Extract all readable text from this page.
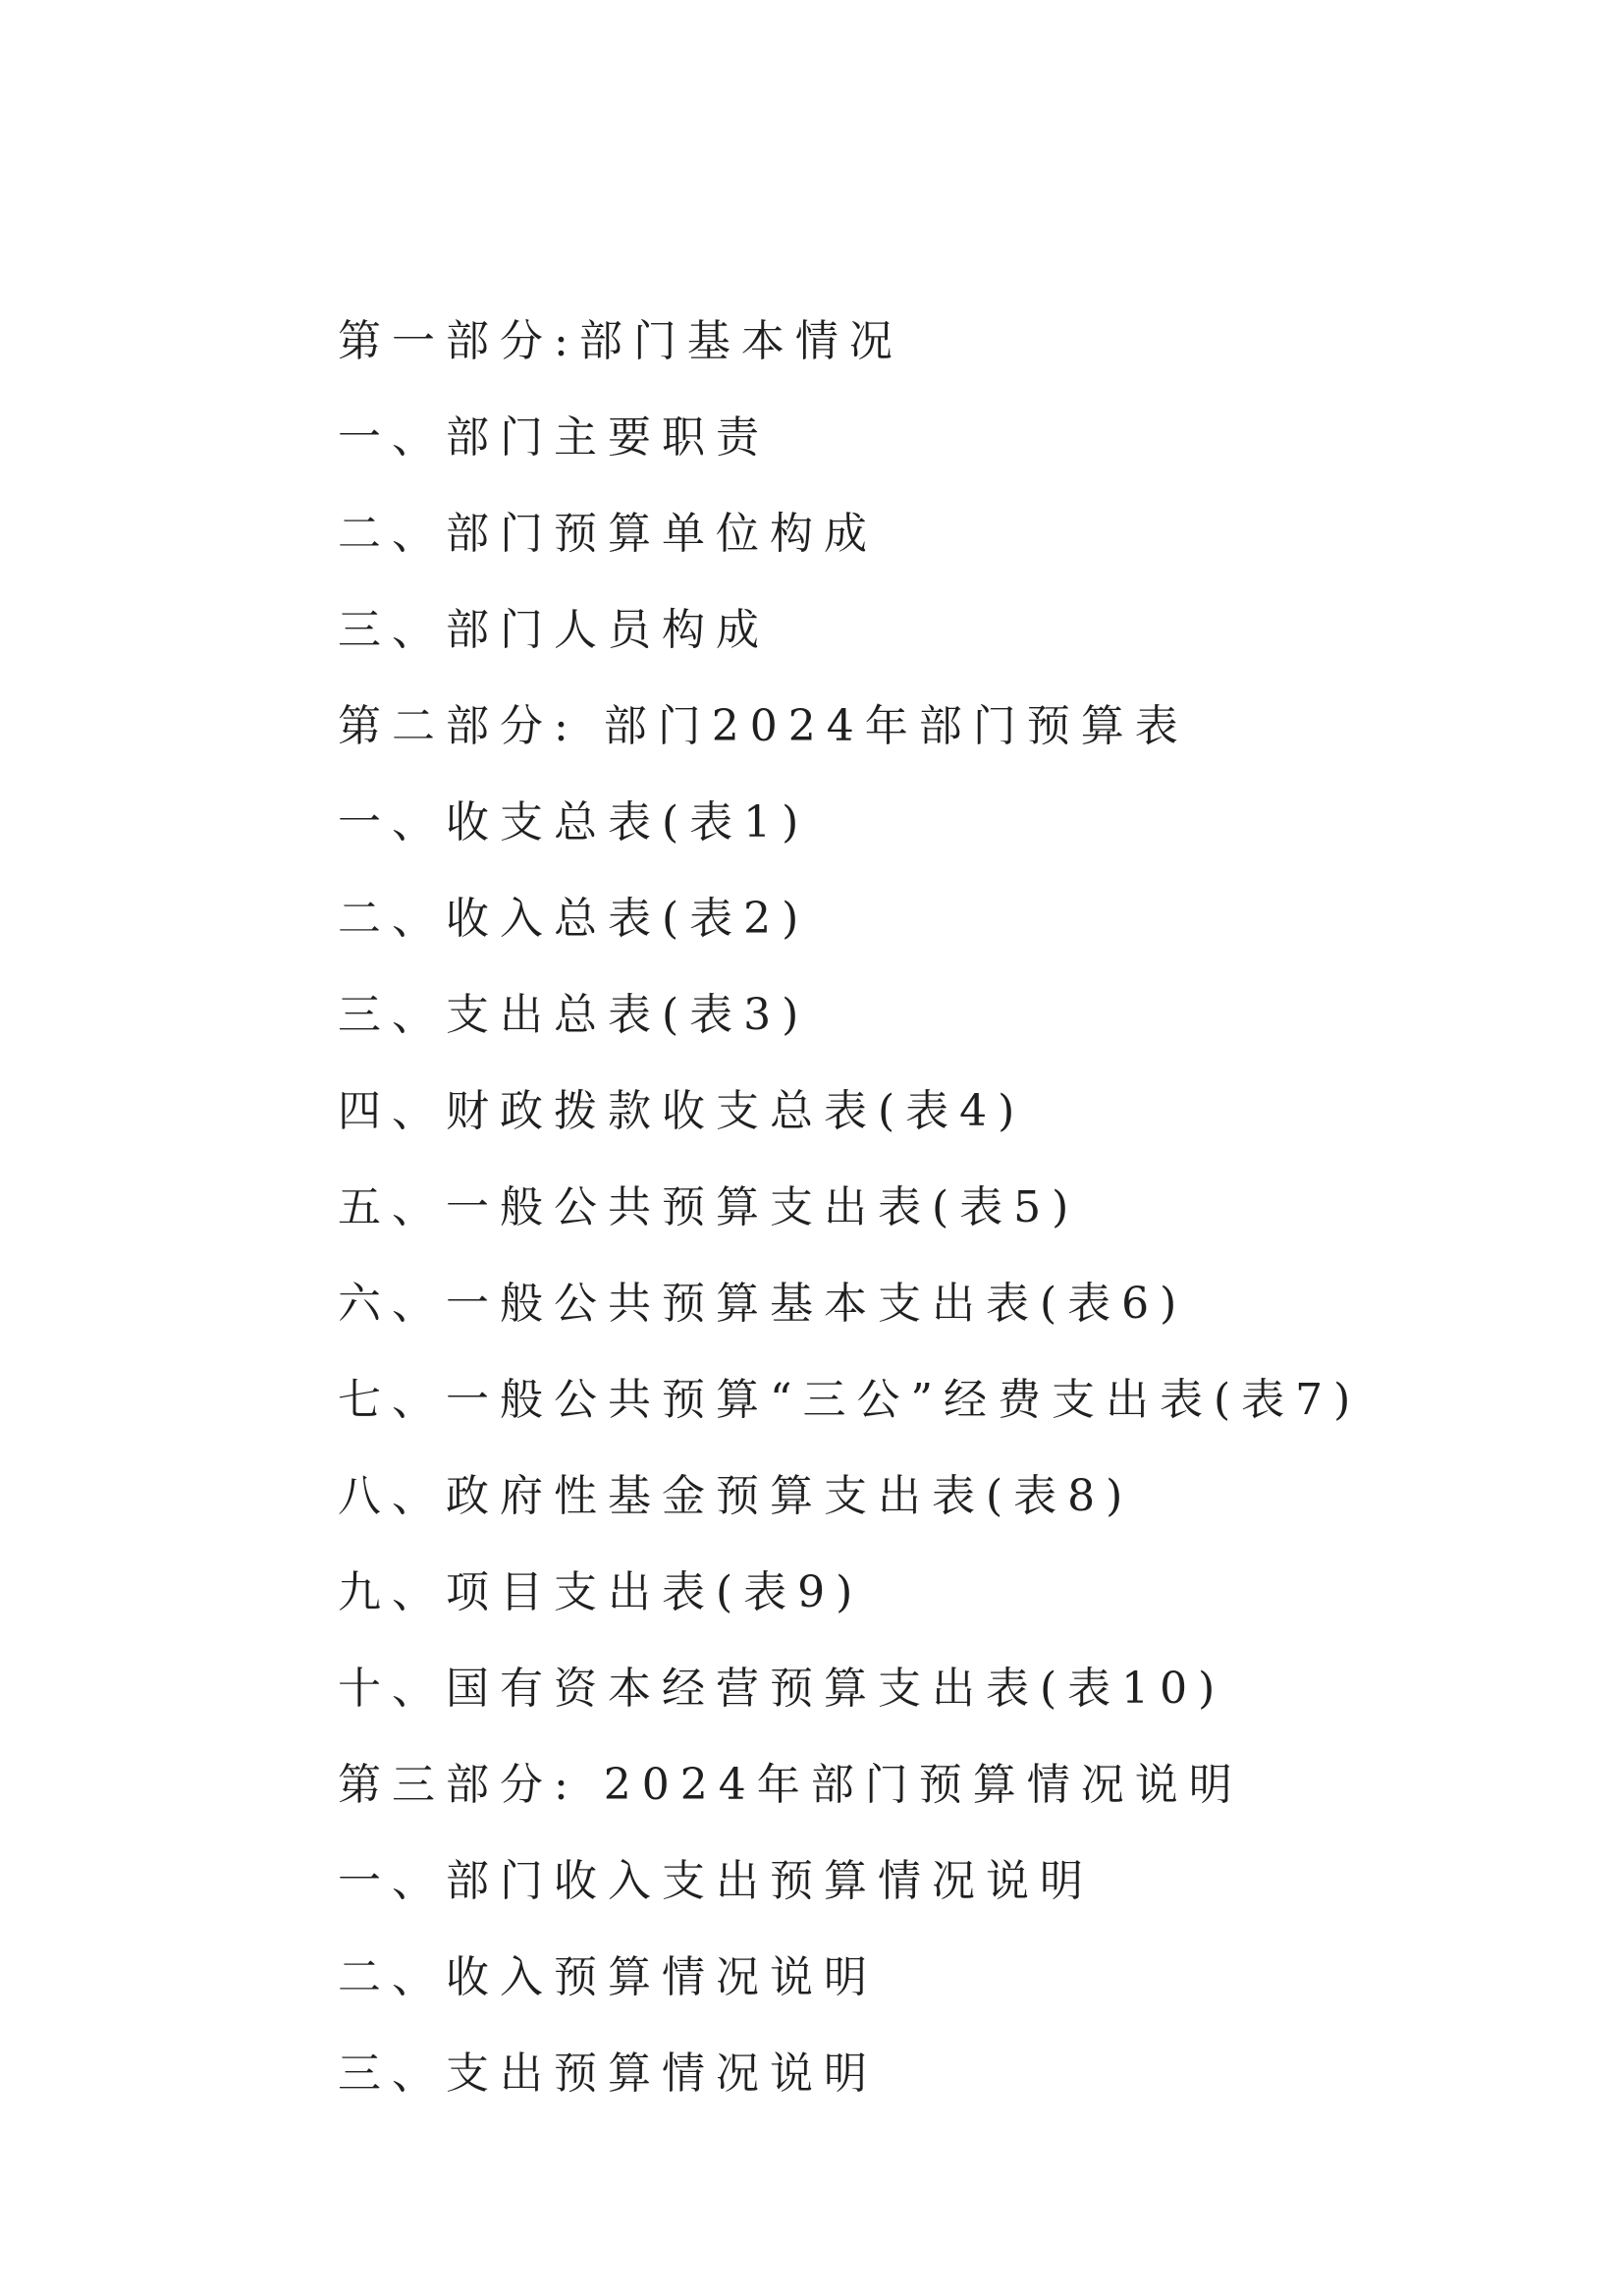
第一部分:部门基本情况
一、部门主要职责
二、部门预算单位构成
三、部门人员构成
第二部分: 部门2024年部门预算表
一、收支总表(表1)
二、收入总表(表2)
三、支出总表(表3)
四、财政拨款收支总表(表4)
五、一般公共预算支出表(表5)
六、一般公共预算基本支出表(表6)
七、一般公共预算“三公”经费支出表(表7)
八、政府性基金预算支出表(表8)
九、项目支出表(表9)
十、国有资本经营预算支出表(表10)
第三部分: 2024年部门预算情况说明
一、部门收入支出预算情况说明
二、收入预算情况说明
三、支出预算情况说明
